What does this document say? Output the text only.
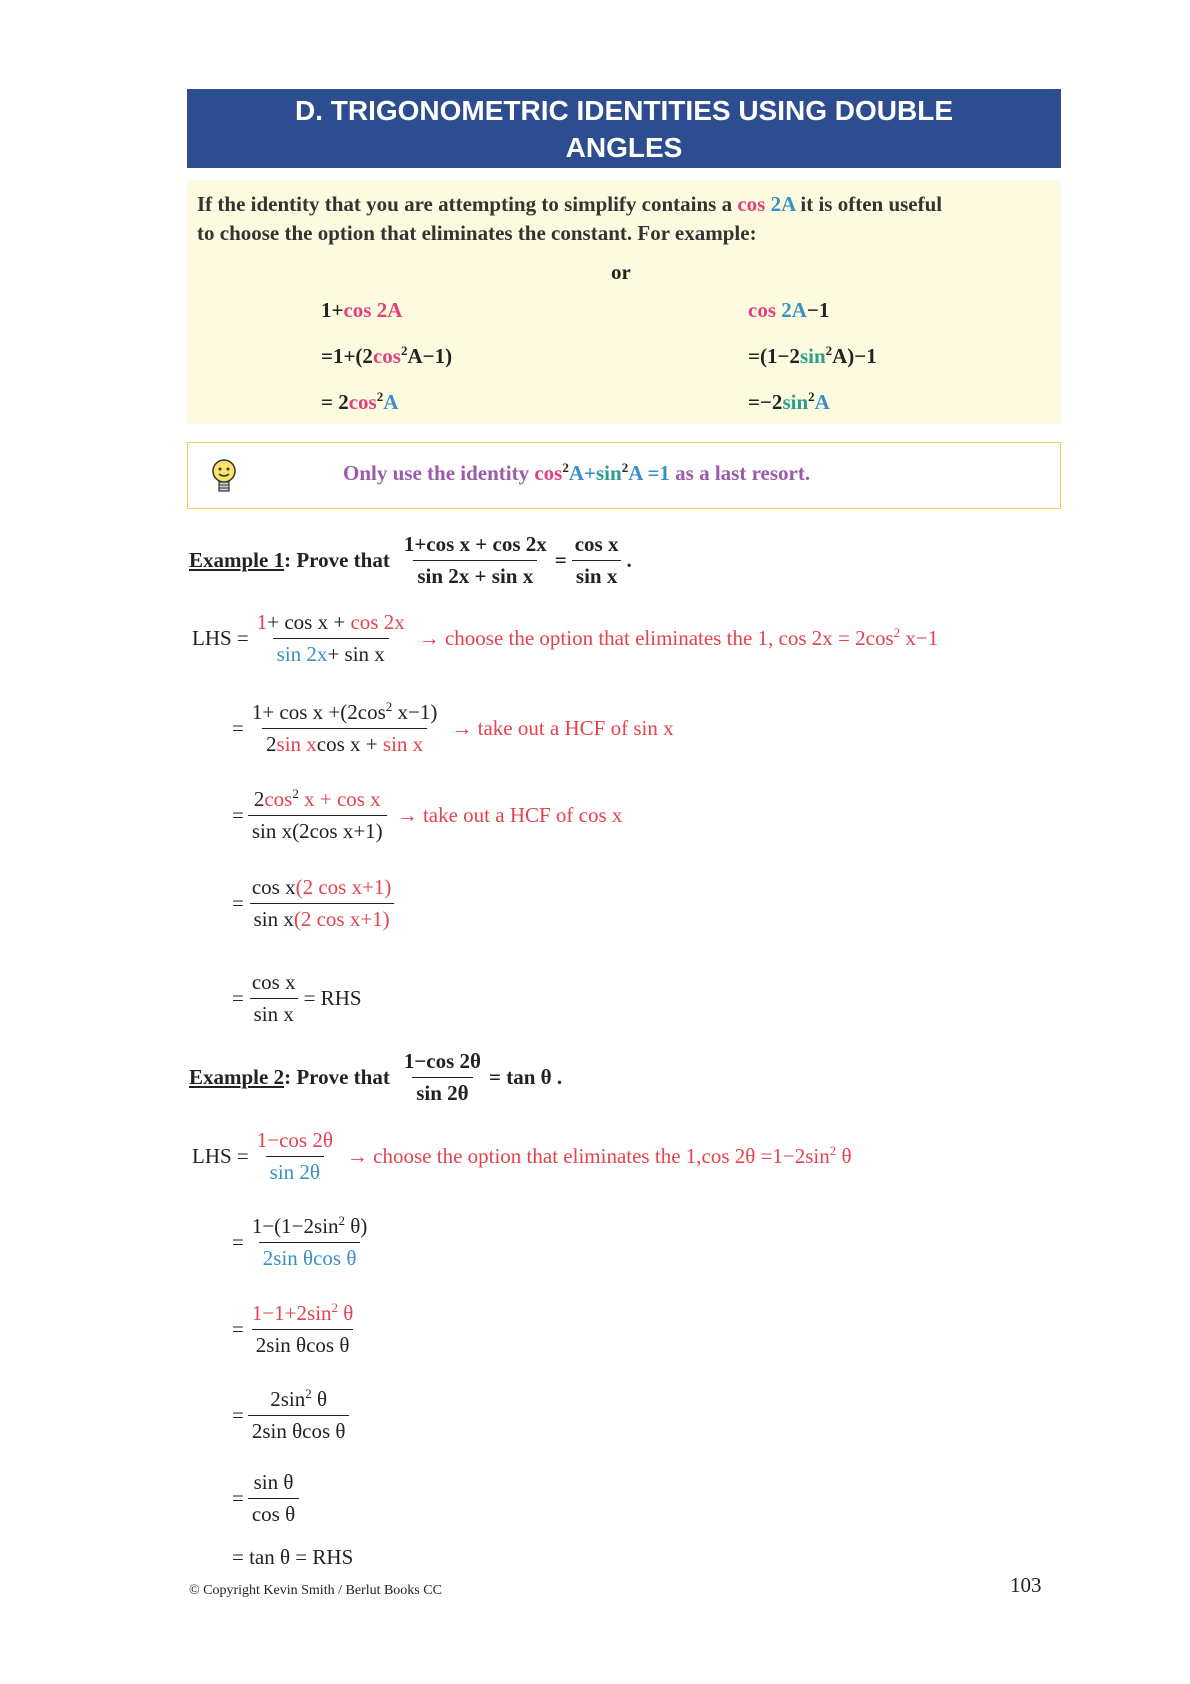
D. TRIGONOMETRIC IDENTITIES USING DOUBLE
ANGLES
If the identity that you are attempting to simplify contains a cos 2A it is often useful
to choose the option that eliminates the constant. For example:
or
1+cos 2A
$=1+(2\cos^2A-1)$
= $2\cos^2A$
cos 2A−1
$=(1-2\sin^2A)-1$
$=-2\sin^2A$
Only use the identity $\cos^2A+\sin^2A =1$ as a last resort.
Example 1 : Prove that $\frac{\text{1+cos x + cos 2x}}{\text{sin 2x + sin x}} = \frac{\text{cos x}}{\text{sin x}}$ .
LHS = $\frac{\text{1+ cos x + cos 2x}}{\text{sin 2x+ sin x}}$ → choose the option that eliminates the 1, $\cos 2x = 2\cos^2$ x−1
= $\frac{1+ \cos x +(2\cos^2 x-1)}{\text{2sin xcos x + sin x}}$ → take out a HCF of sin x
= $\frac{2\cos^2 x + \cos x}{\text{sin x(2cos x+1)}}$ → take out a HCF of cos x
= $\frac{\text{cos x(2 cos x+1)}}{\text{sin x(2 cos x+1)}}$
= $\frac{\text{cos x}}{\text{sin x}}$ = RHS
Example 2 : Prove that $\frac{1-\cos 2\theta}{\sin 2\theta} = \tan \theta$ .
LHS = $\frac{1-\cos 2\theta}{\sin 2\theta}$ → choose the option that eliminates the 1,cos $2\theta =1-2\sin^2$ θ
= $\frac{1-(1-2\sin^2 \theta)}{\text{2sin θcos θ}}$
= $\frac{1-1+2\sin^2 \theta}{\text{2sin θcos θ}}$
= $\frac{2\sin^2 \theta}{\text{2sin θcos θ}}$
= $\frac{\text{sin θ}}{\text{cos θ}}$
= tan θ = RHS
© Copyright Kevin Smith / Berlut Books CC	103
